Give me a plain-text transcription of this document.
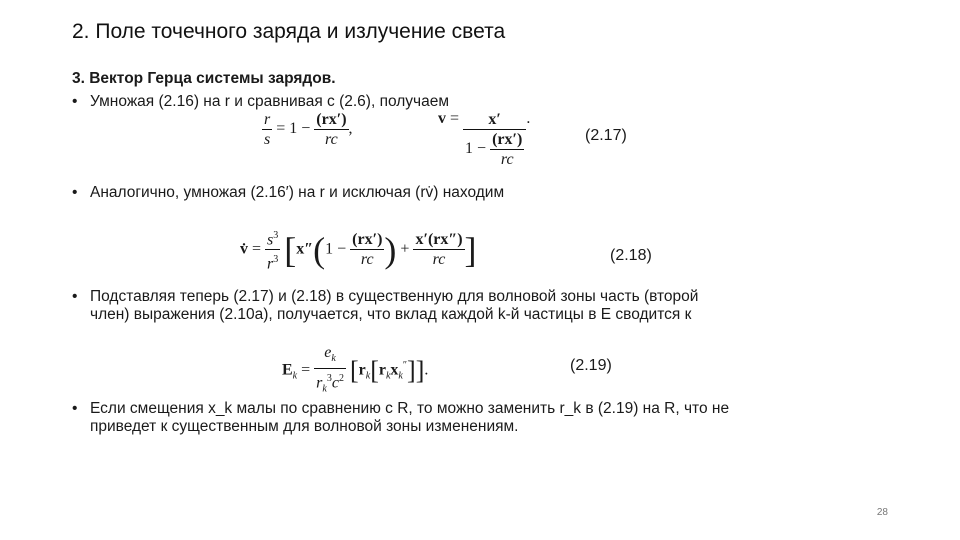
2. Поле точечного заряда и излучение света
3. Вектор Герца системы зарядов.
• Умножая (2.16) на r и сравнивая с (2.6), получаем
$\frac{r}{s} = 1 - \frac{(rx')}{rc}$ ,
$v = \frac{x'}{1 - \frac{(rx')}{rc}}$ .
(2.17)
• Аналогично, умножая (2.16′) на r и исключая (rv̇) находим
v̇ = $\frac{s^3}{r^3} [x''(1 - \frac{(rx')}{rc}$ ) + $\frac{x'(rx'')}{rc}$ ]	(2.18)
• Подставляя теперь (2.17) и (2.18) в существенную для волновой зоны часть (второй
член) выражения (2.10а), получается, что вклад каждой k-й частицы в E сводится к
$E_k = \frac{e_k}{r_k^3c^2} [r_k[r_kx_k'']]$.	(2.19)
• Если смещения x_k малы по сравнению с R, то можно заменить r_k в (2.19) на R, что не
приведет к существенным для волновой зоны изменениям.
28
